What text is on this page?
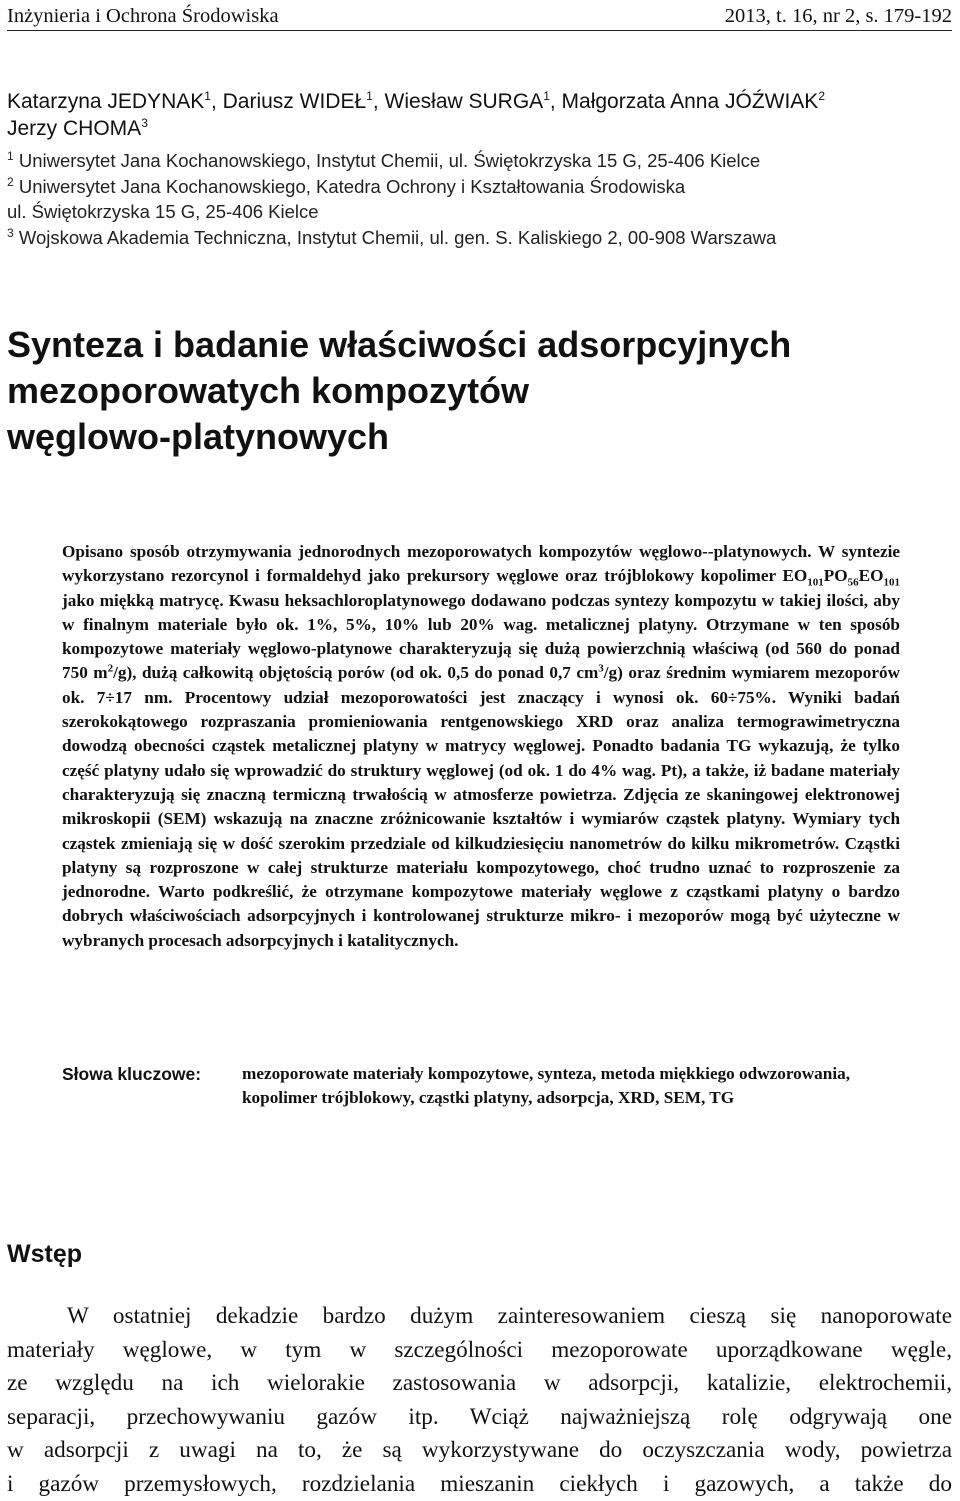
Inżynieria i Ochrona Środowiska	2013, t. 16, nr 2, s. 179-192
Katarzyna JEDYNAK$^1$, Dariusz WIDEŁ$^1$, Wiesław SURGA$^1$, Małgorzata Anna JÓŹWIAK$^2$
Jerzy CHOMA$^3$
$^1$ Uniwersytet Jana Kochanowskiego, Instytut Chemii, ul. Świętokrzyska 15 G, 25-406 Kielce
$^2$ Uniwersytet Jana Kochanowskiego, Katedra Ochrony i Kształtowania Środowiska
ul. Świętokrzyska 15 G, 25-406 Kielce
$^3$ Wojskowa Akademia Techniczna, Instytut Chemii, ul. gen. S. Kaliskiego 2, 00-908 Warszawa
Synteza i badanie właściwości adsorpcyjnych
mezoporowatych kompozytów
węglowo-platynowych
Opisano sposób otrzymywania jednorodnych mezoporowatych kompozytów węglowo--platynowych. W syntezie wykorzystano rezorcynol i formaldehyd jako prekursory węglowe oraz trójblokowy kopolimer $EO_{101}PO_{56}EO_{101}$ jako miękką matrycę. Kwasu heksachloroplatynowego dodawano podczas syntezy kompozytu w takiej ilości, aby w finalnym materiale było ok. 1%, 5%, 10% lub 20% wag. metalicznej platyny. Otrzymane w ten sposób kompozytowe materiały węglowo-platynowe charakteryzują się dużą powierzchnią właściwą (od 560 do ponad 750 $m^2/g$), dużą całkowitą objętością porów (od ok. 0,5 do ponad 0,7 $cm^3/g$) oraz średnim wymiarem mezoporów ok. 7÷17 nm. Procentowy udział mezoporowatości jest znaczący i wynosi ok. 60÷75%. Wyniki badań szerokokątowego rozpraszania promieniowania rentgenowskiego XRD oraz analiza termograwimetryczna dowodzą obecności cząstek metalicznej platyny w matrycy węglowej. Ponadto badania TG wykazują, że tylko część platyny udało się wprowadzić do struktury węglowej (od ok. 1 do 4% wag. Pt), a także, iż badane materiały charakteryzują się znaczną termiczną trwałością w atmosferze powietrza. Zdjęcia ze skaningowej elektronowej mikroskopii (SEM) wskazują na znaczne zróżnicowanie kształtów i wymiarów cząstek platyny. Wymiary tych cząstek zmieniają się w dość szerokim przedziale od kilkudziesięciu nanometrów do kilku mikrometrów. Cząstki platyny są rozproszone w całej strukturze materiału kompozytowego, choć trudno uznać to rozproszenie za jednorodne. Warto podkreślić, że otrzymane kompozytowe materiały węglowe z cząstkami platyny o bardzo dobrych właściwościach adsorpcyjnych i kontrolowanej strukturze mikro- i mezoporów mogą być użyteczne w wybranych procesach adsorpcyjnych i katalitycznych.
Słowa kluczowe: mezoporowate materiały kompozytowe, synteza, metoda miękkiego odwzorowania, kopolimer trójblokowy, cząstki platyny, adsorpcja, XRD, SEM, TG
Wstęp
W ostatniej dekadzie bardzo dużym zainteresowaniem cieszą się nanoporowate
materiały węglowe, w tym w szczególności mezoporowate uporządkowane węgle,
ze względu na ich wielorakie zastosowania w adsorpcji, katalizie, elektrochemii,
separacji, przechowywaniu gazów itp. Wciąż najważniejszą rolę odgrywają one
w adsorpcji z uwagi na to, że są wykorzystywane do oczyszczania wody, powietrza
i gazów przemysłowych, rozdzielania mieszanin ciekłych i gazowych, a także do
